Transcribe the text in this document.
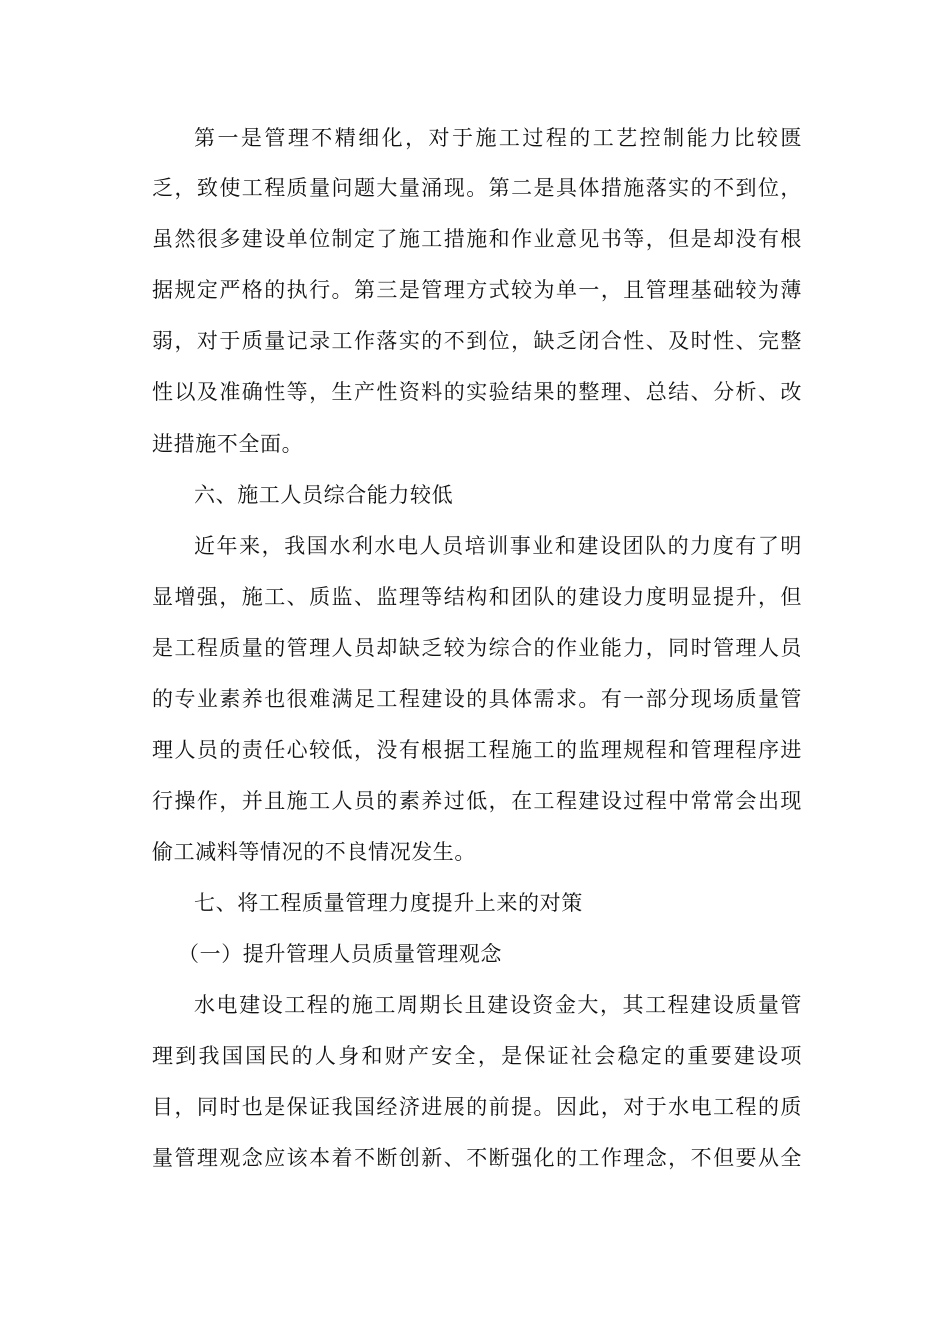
第一是管理不精细化，对于施工过程的工艺控制能力比较匮
乏，致使工程质量问题大量涌现。第二是具体措施落实的不到位，
虽然很多建设单位制定了施工措施和作业意见书等，但是却没有根
据规定严格的执行。第三是管理方式较为单一，且管理基础较为薄
弱，对于质量记录工作落实的不到位，缺乏闭合性、及时性、完整
性以及准确性等，生产性资料的实验结果的整理、总结、分析、改
进措施不全面。
六、施工人员综合能力较低
近年来，我国水利水电人员培训事业和建设团队的力度有了明
显增强，施工、质监、监理等结构和团队的建设力度明显提升，但
是工程质量的管理人员却缺乏较为综合的作业能力，同时管理人员
的专业素养也很难满足工程建设的具体需求。有一部分现场质量管
理人员的责任心较低，没有根据工程施工的监理规程和管理程序进
行操作，并且施工人员的素养过低，在工程建设过程中常常会出现
偷工减料等情况的不良情况发生。
七、将工程质量管理力度提升上来的对策
（一）提升管理人员质量管理观念
水电建设工程的施工周期长且建设资金大，其工程建设质量管
理到我国国民的人身和财产安全，是保证社会稳定的重要建设项
目，同时也是保证我国经济进展的前提。因此，对于水电工程的质
量管理观念应该本着不断创新、不断强化的工作理念，不但要从全
